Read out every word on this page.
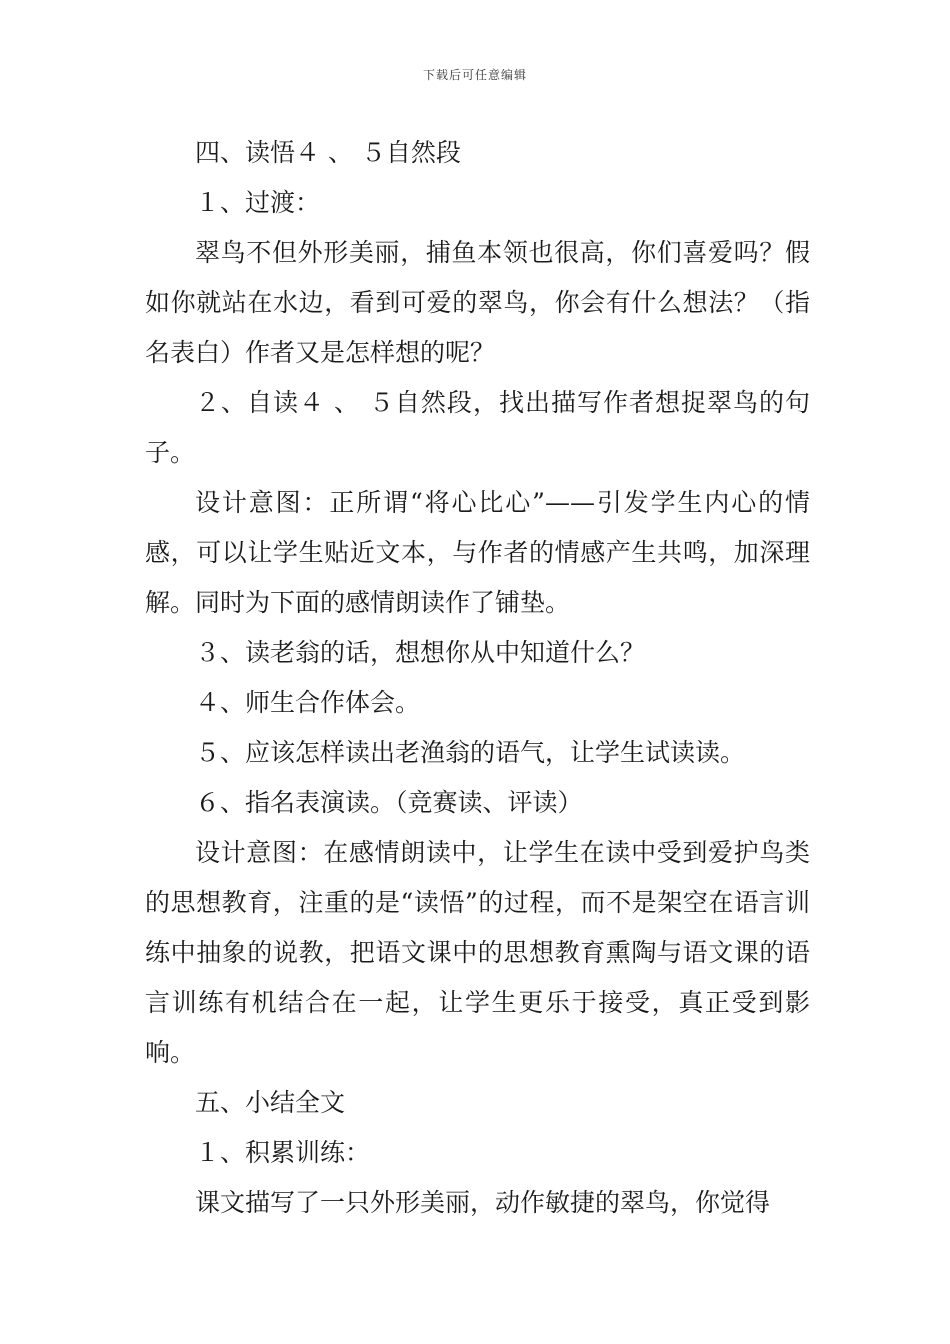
下载后可任意编辑

四、读悟４ 、 ５自然段

１、过渡：

翠鸟不但外形美丽，捕鱼本领也很高，你们喜爱吗？假如你就站在水边，看到可爱的翠鸟，你会有什么想法？（指名表白）作者又是怎样想的呢？

２、自读４ 、 ５自然段，找出描写作者想捉翠鸟的句子。

设计意图：正所谓“将心比心”——引发学生内心的情感，可以让学生贴近文本，与作者的情感产生共鸣，加深理解。同时为下面的感情朗读作了铺垫。

３、读老翁的话，想想你从中知道什么？

４、师生合作体会。

５、应该怎样读出老渔翁的语气，让学生试读读。

６、指名表演读。（竞赛读、评读）

设计意图：在感情朗读中，让学生在读中受到爱护鸟类的思想教育，注重的是“读悟”的过程，而不是架空在语言训练中抽象的说教，把语文课中的思想教育熏陶与语文课的语言训练有机结合在一起，让学生更乐于接受，真正受到影响。

五、小结全文

１、积累训练：

课文描写了一只外形美丽，动作敏捷的翠鸟，你觉得
